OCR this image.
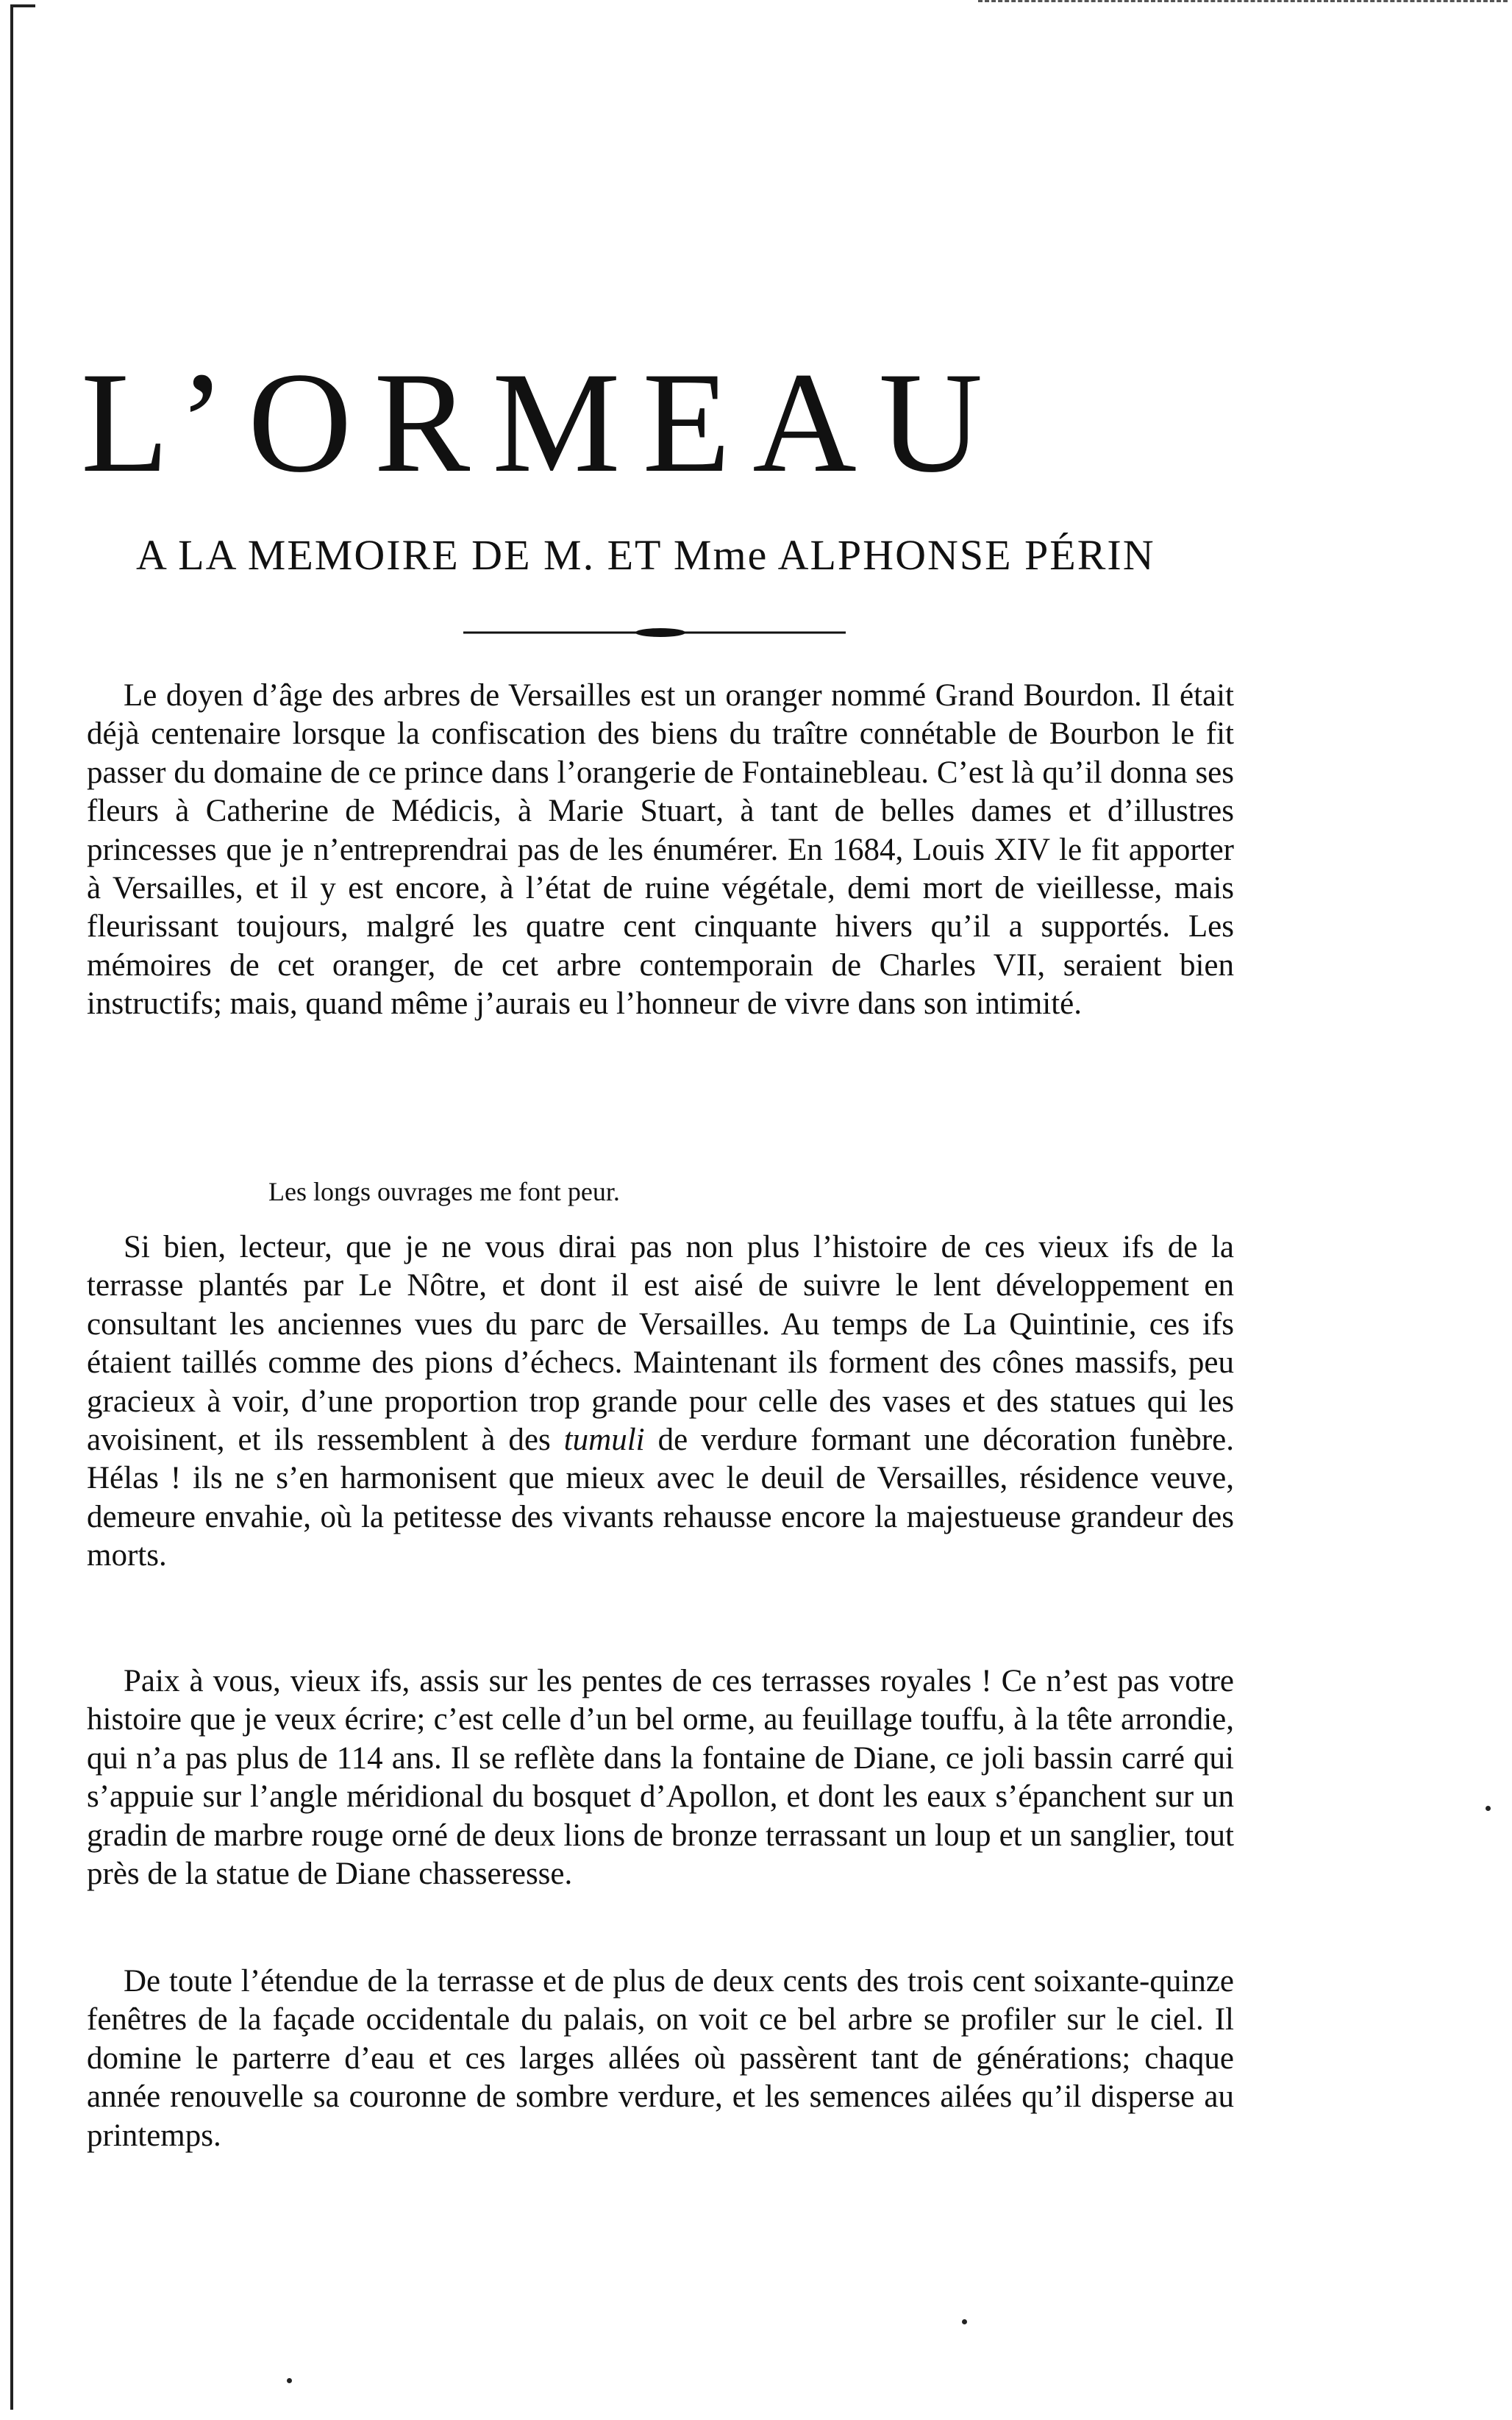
L’ORMEAU

A LA MEMOIRE DE M. ET Mme ALPHONSE PÉRIN

Le doyen d’âge des arbres de Versailles est un oranger nommé Grand Bourdon. Il était déjà centenaire lorsque la confiscation des biens du traître connétable de Bourbon le fit passer du domaine de ce prince dans l’orangerie de Fontainebleau. C’est là qu’il donna ses fleurs à Catherine de Médicis, à Marie Stuart, à tant de belles dames et d’illustres princesses que je n’entreprendrai pas de les énumérer. En 1684, Louis XIV le fit apporter à Versailles, et il y est encore, à l’état de ruine végétale, demi mort de vieillesse, mais fleurissant toujours, malgré les quatre cent cinquante hivers qu’il a supportés. Les mémoires de cet oranger, de cet arbre contemporain de Charles VII, seraient bien instructifs; mais, quand même j’aurais eu l’honneur de vivre dans son intimité.

Les longs ouvrages me font peur.

Si bien, lecteur, que je ne vous dirai pas non plus l’histoire de ces vieux ifs de la terrasse plantés par Le Nôtre, et dont il est aisé de suivre le lent développement en consultant les anciennes vues du parc de Versailles. Au temps de La Quintinie, ces ifs étaient taillés comme des pions d’échecs. Maintenant ils forment des cônes massifs, peu gracieux à voir, d’une proportion trop grande pour celle des vases et des statues qui les avoisinent, et ils ressemblent à des tumuli de verdure formant une décoration funèbre. Hélas ! ils ne s’en harmonisent que mieux avec le deuil de Versailles, résidence veuve, demeure envahie, où la petitesse des vivants rehausse encore la majestueuse grandeur des morts.

Paix à vous, vieux ifs, assis sur les pentes de ces terrasses royales ! Ce n’est pas votre histoire que je veux écrire; c’est celle d’un bel orme, au feuillage touffu, à la tête arrondie, qui n’a pas plus de 114 ans. Il se reflète dans la fontaine de Diane, ce joli bassin carré qui s’appuie sur l’angle méridional du bosquet d’Apollon, et dont les eaux s’épanchent sur un gradin de marbre rouge orné de deux lions de bronze terrassant un loup et un sanglier, tout près de la statue de Diane chasseresse.

De toute l’étendue de la terrasse et de plus de deux cents des trois cent soixante-quinze fenêtres de la façade occidentale du palais, on voit ce bel arbre se profiler sur le ciel. Il domine le parterre d’eau et ces larges allées où passèrent tant de générations; chaque année renouvelle sa couronne de sombre verdure, et les semences ailées qu’il disperse au printemps.
